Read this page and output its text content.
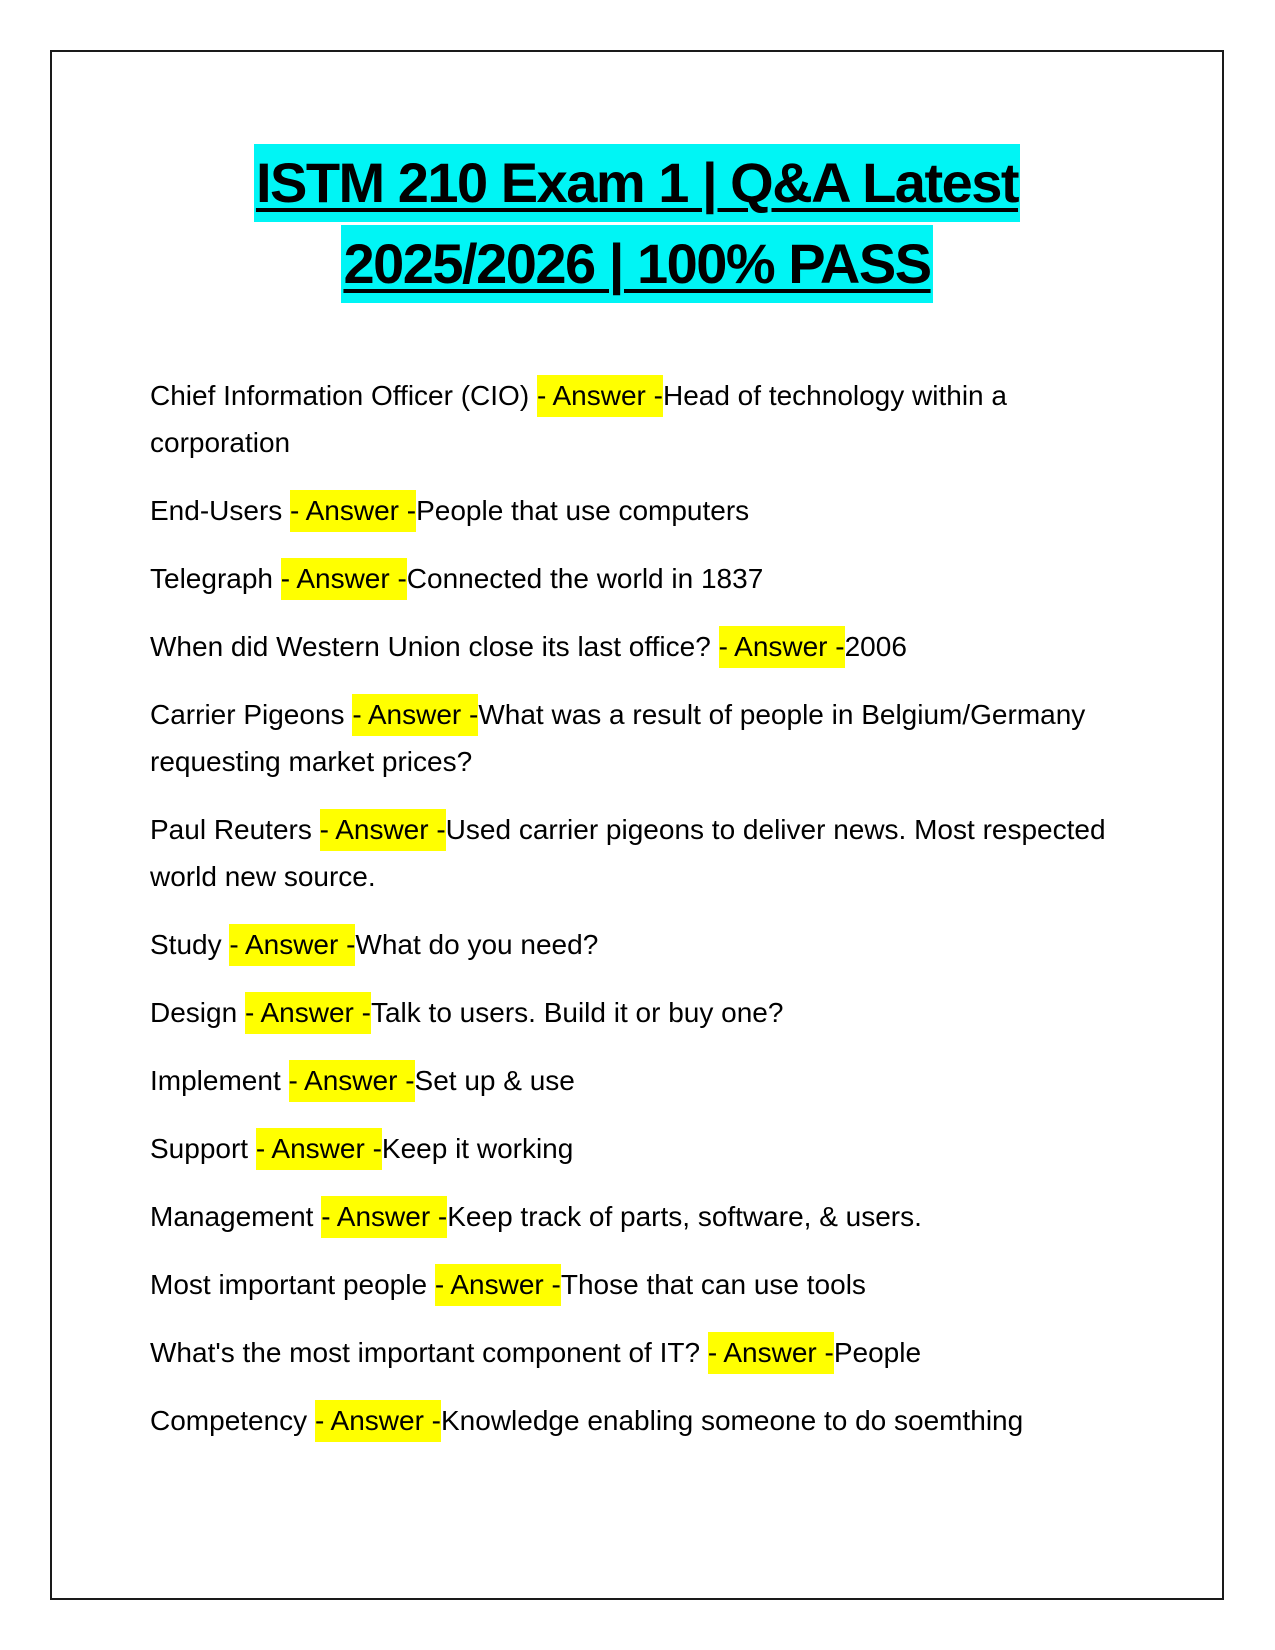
ISTM 210 Exam 1 | Q&A Latest
2025/2026 | 100% PASS
Chief Information Officer (CIO) - Answer -Head of technology within a corporation
End-Users - Answer -People that use computers
Telegraph - Answer -Connected the world in 1837
When did Western Union close its last office? - Answer -2006
Carrier Pigeons - Answer -What was a result of people in Belgium/Germany requesting market prices?
Paul Reuters - Answer -Used carrier pigeons to deliver news. Most respected world new source.
Study - Answer -What do you need?
Design - Answer -Talk to users. Build it or buy one?
Implement - Answer -Set up & use
Support - Answer -Keep it working
Management - Answer -Keep track of parts, software, & users.
Most important people - Answer -Those that can use tools
What's the most important component of IT? - Answer -People
Competency - Answer -Knowledge enabling someone to do soemthing
